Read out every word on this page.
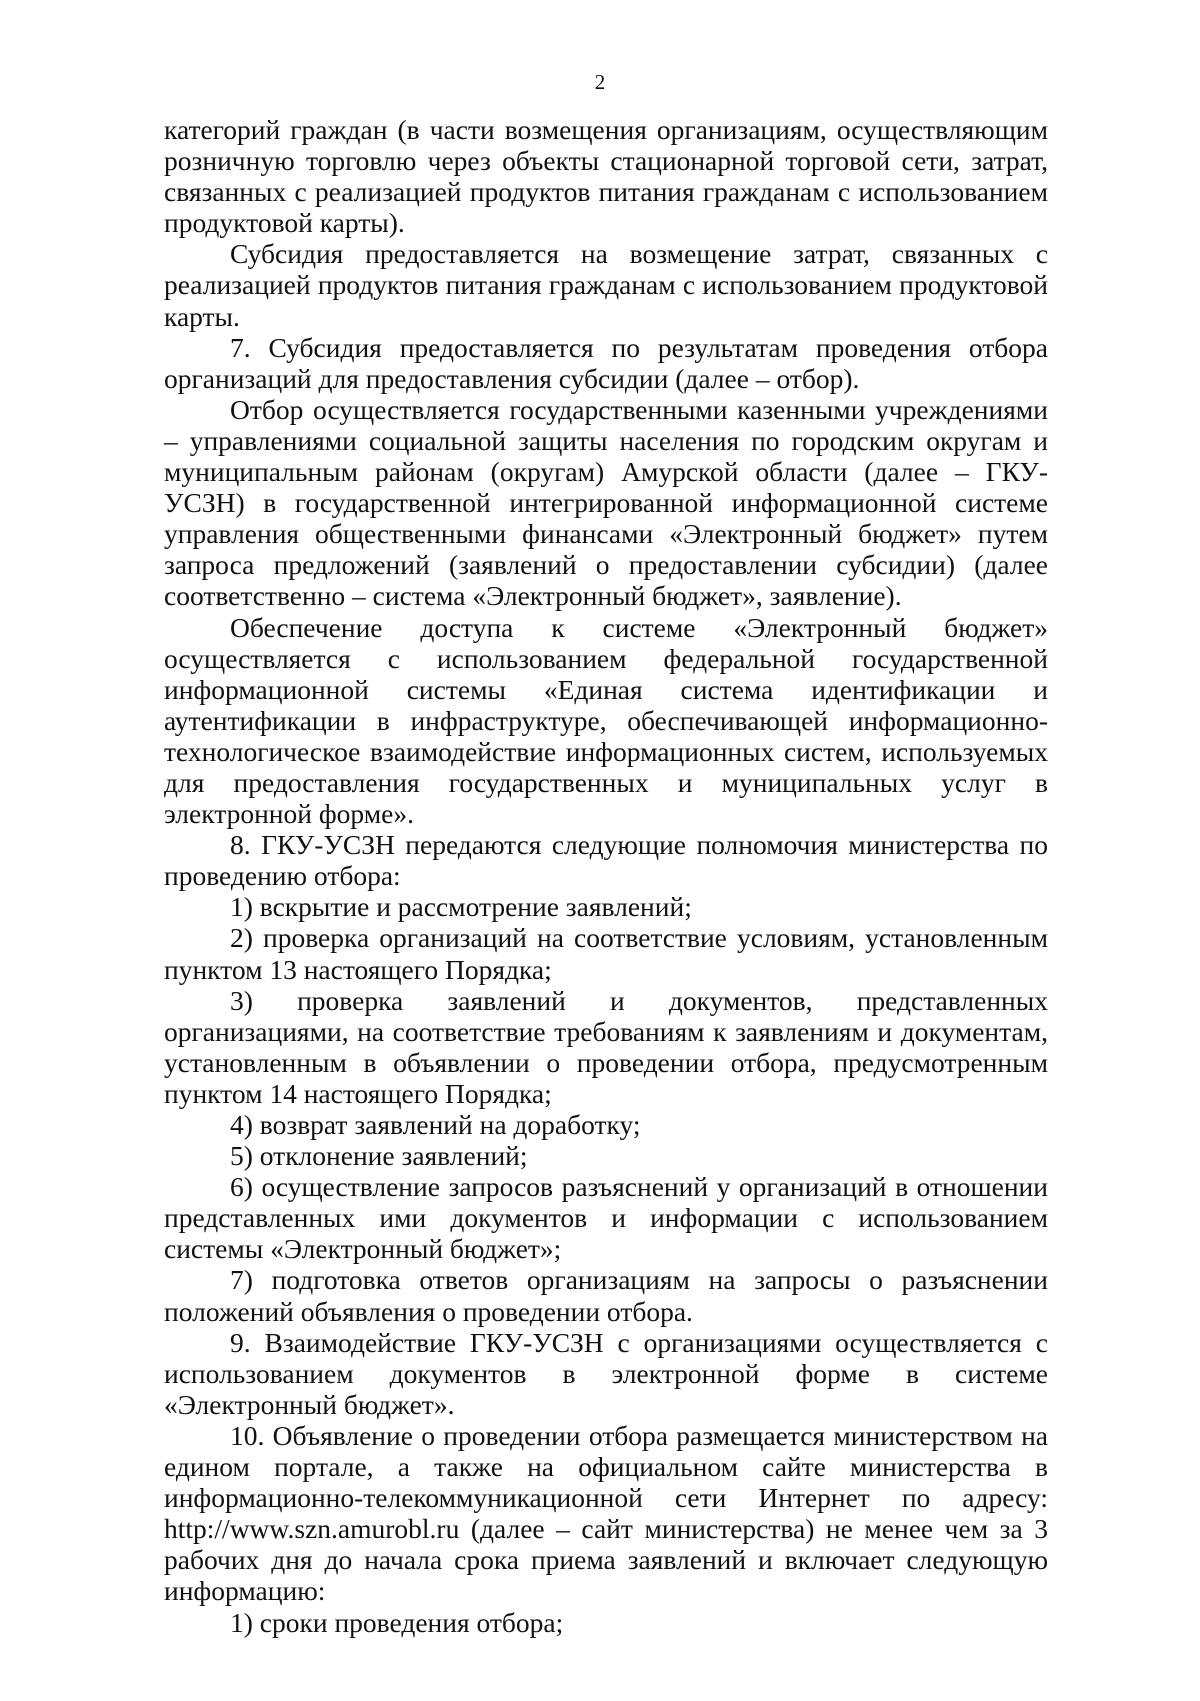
2

категорий граждан (в части возмещения организациям, осуществляющим розничную торговлю через объекты стационарной торговой сети, затрат, связанных с реализацией продуктов питания гражданам с использованием продуктовой карты).

Субсидия предоставляется на возмещение затрат, связанных с реализацией продуктов питания гражданам с использованием продуктовой карты.

7. Субсидия предоставляется по результатам проведения отбора организаций для предоставления субсидии (далее – отбор).

Отбор осуществляется государственными казенными учреждениями – управлениями социальной защиты населения по городским округам и муниципальным районам (округам) Амурской области (далее – ГКУ-УСЗН) в государственной интегрированной информационной системе управления общественными финансами «Электронный бюджет» путем запроса предложений (заявлений о предоставлении субсидии) (далее соответственно – система «Электронный бюджет», заявление).

Обеспечение доступа к системе «Электронный бюджет» осуществляется с использованием федеральной государственной информационной системы «Единая система идентификации и аутентификации в инфраструктуре, обеспечивающей информационно-технологическое взаимодействие информационных систем, используемых для предоставления государственных и муниципальных услуг в электронной форме».

8. ГКУ-УСЗН передаются следующие полномочия министерства по проведению отбора:

1) вскрытие и рассмотрение заявлений;

2) проверка организаций на соответствие условиям, установленным пунктом 13 настоящего Порядка;

3) проверка заявлений и документов, представленных организациями, на соответствие требованиям к заявлениям и документам, установленным в объявлении о проведении отбора, предусмотренным пунктом 14 настоящего Порядка;

4) возврат заявлений на доработку;

5) отклонение заявлений;

6) осуществление запросов разъяснений у организаций в отношении представленных ими документов и информации с использованием системы «Электронный бюджет»;

7) подготовка ответов организациям на запросы о разъяснении положений объявления о проведении отбора.

9. Взаимодействие ГКУ-УСЗН с организациями осуществляется с использованием документов в электронной форме в системе «Электронный бюджет».

10. Объявление о проведении отбора размещается министерством на едином портале, а также на официальном сайте министерства в информационно-телекоммуникационной сети Интернет по адресу: http://www.szn.amurobl.ru (далее – сайт министерства) не менее чем за 3 рабочих дня до начала срока приема заявлений и включает следующую информацию:

1) сроки проведения отбора;
